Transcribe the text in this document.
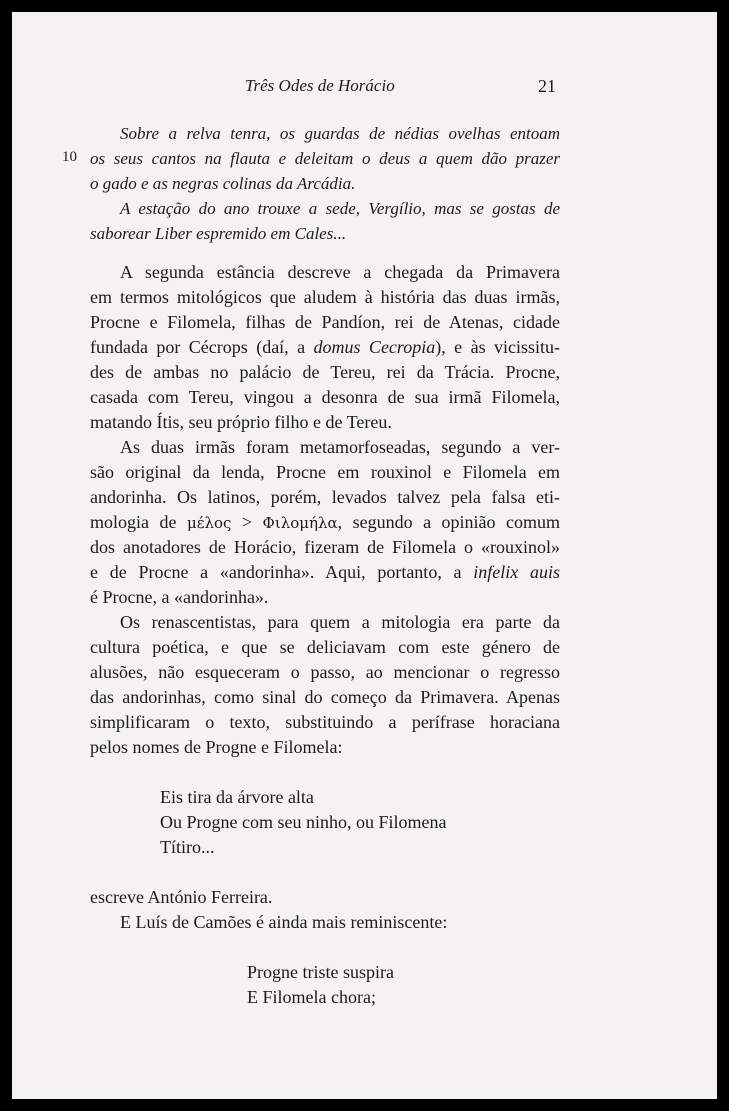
Três Odes de Horácio	21
10
Sobre a relva tenra, os guardas de nédias ovelhas entoam
os seus cantos na flauta e deleitam o deus a quem dão prazer
o gado e as negras colinas da Arcádia.
A estação do ano trouxe a sede, Vergílio, mas se gostas de
saborear Liber espremido em Cales...
A segunda estância descreve a chegada da Primavera
em termos mitológicos que aludem à história das duas irmãs,
Procne e Filomela, filhas de Pandíon, rei de Atenas, cidade
fundada por Cécrops (daí, a domus Cecropia), e às vicissitu-
des de ambas no palácio de Tereu, rei da Trácia. Procne,
casada com Tereu, vingou a desonra de sua irmã Filomela,
matando Ítis, seu próprio filho e de Tereu.
As duas irmãs foram metamorfoseadas, segundo a ver-
são original da lenda, Procne em rouxinol e Filomela em
andorinha. Os latinos, porém, levados talvez pela falsa eti-
mologia de μέλος > Φιλομήλα, segundo a opinião comum
dos anotadores de Horácio, fizeram de Filomela o «rouxinol»
e de Procne a «andorinha». Aqui, portanto, a infelix auis
é Procne, a «andorinha».
Os renascentistas, para quem a mitologia era parte da
cultura poética, e que se deliciavam com este género de
alusões, não esqueceram o passo, ao mencionar o regresso
das andorinhas, como sinal do começo da Primavera. Apenas
simplificaram o texto, substituindo a perífrase horaciana
pelos nomes de Progne e Filomela:
Eis tira da árvore alta
Ou Progne com seu ninho, ou Filomena
Títiro...
escreve António Ferreira.
E Luís de Camões é ainda mais reminiscente:
Progne triste suspira
E Filomela chora;
